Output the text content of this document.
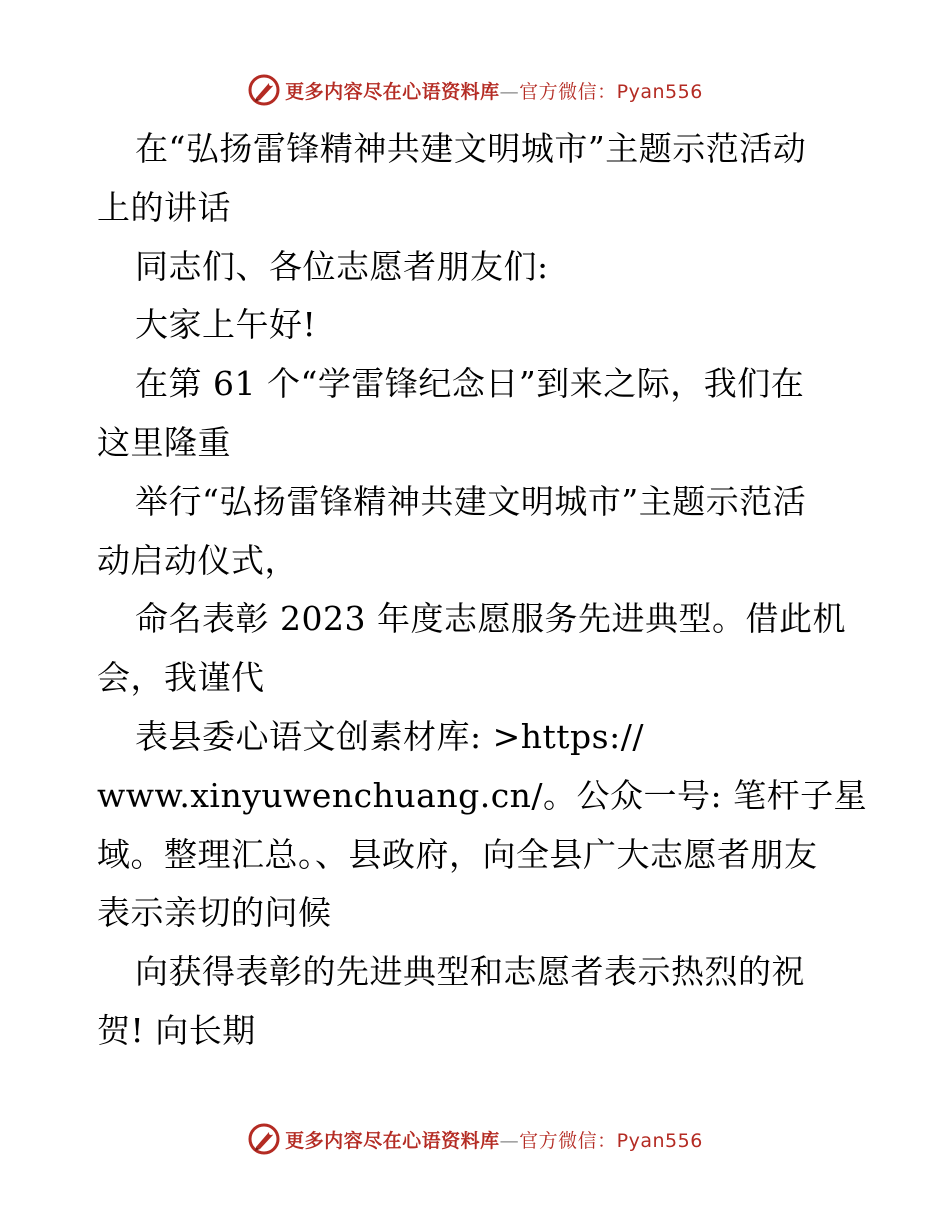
更多内容尽在心语资料库—官方微信：Pyan556
在“弘扬雷锋精神共建文明城市”主题示范活动
上的讲话
同志们、各位志愿者朋友们:
大家上午好!
在第 61 个“学雷锋纪念日”到来之际，我们在
这里隆重
举行“弘扬雷锋精神共建文明城市”主题示范活
动启动仪式，
命名表彰 2023 年度志愿服务先进典型。借此机
会，我谨代
表县委心语文创素材库: >https://
www.xinyuwenchuang.cn/。公众一号: 笔杆子星
域。整理汇总。、县政府，向全县广大志愿者朋友
表示亲切的问候
向获得表彰的先进典型和志愿者表示热烈的祝
贺! 向长期
更多内容尽在心语资料库—官方微信：Pyan556
